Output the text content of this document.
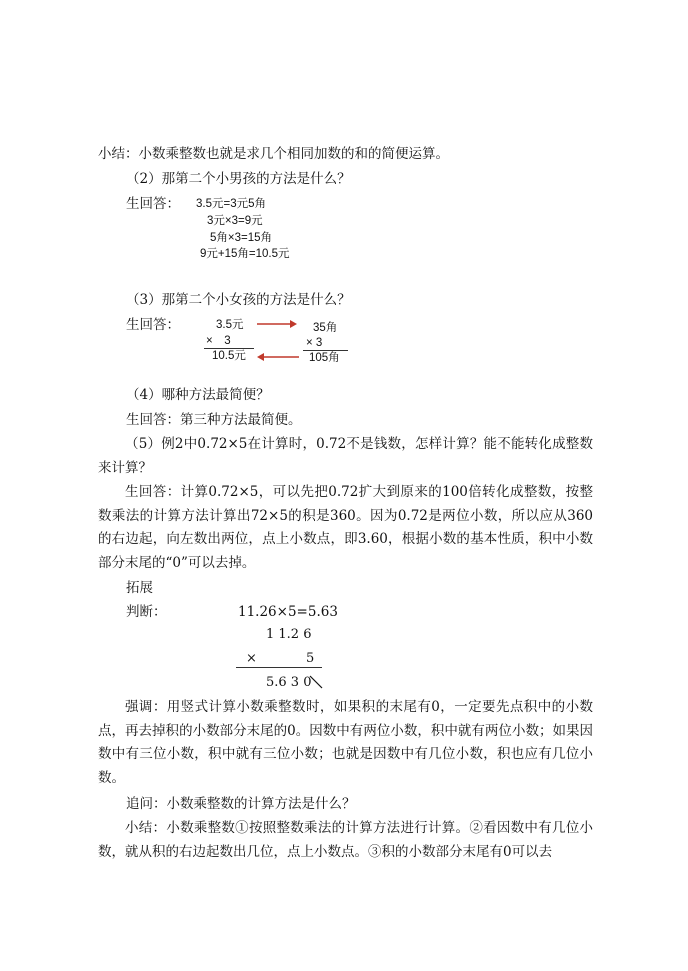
小结：小数乘整数也就是求几个相同加数的和的简便运算。
（2）那第二个小男孩的方法是什么？
生回答：	3.5元=3元5角
3元×3=9元
5角×3=15角
9元+15角=10.5元
（3）那第二个小女孩的方法是什么？
生回答：	3.5元
×　3
10.5元
35角
× 3
105角
（4）哪种方法最简便？
生回答：第三种方法最简便。
（5）例2中0.72×5在计算时，0.72不是钱数，怎样计算？能不能转化成整数来计算？
生回答：计算0.72×5，可以先把0.72扩大到原来的100倍转化成整数，按整数乘法的计算方法计算出72×5的积是360。因为0.72是两位小数，所以应从360的右边起，向左数出两位，点上小数点，即3.60，根据小数的基本性质，积中小数部分末尾的“0”可以去掉。
拓展
判断：	11.26×5=5.63
1 1.2 6
×	5
5.6 3 0
强调：用竖式计算小数乘整数时，如果积的末尾有0，一定要先点积中的小数点，再去掉积的小数部分末尾的0。因数中有两位小数，积中就有两位小数；如果因数中有三位小数，积中就有三位小数；也就是因数中有几位小数，积也应有几位小数。
追问：小数乘整数的计算方法是什么？
小结：小数乘整数①按照整数乘法的计算方法进行计算。②看因数中有几位小数，就从积的右边起数出几位，点上小数点。③积的小数部分末尾有0可以去
